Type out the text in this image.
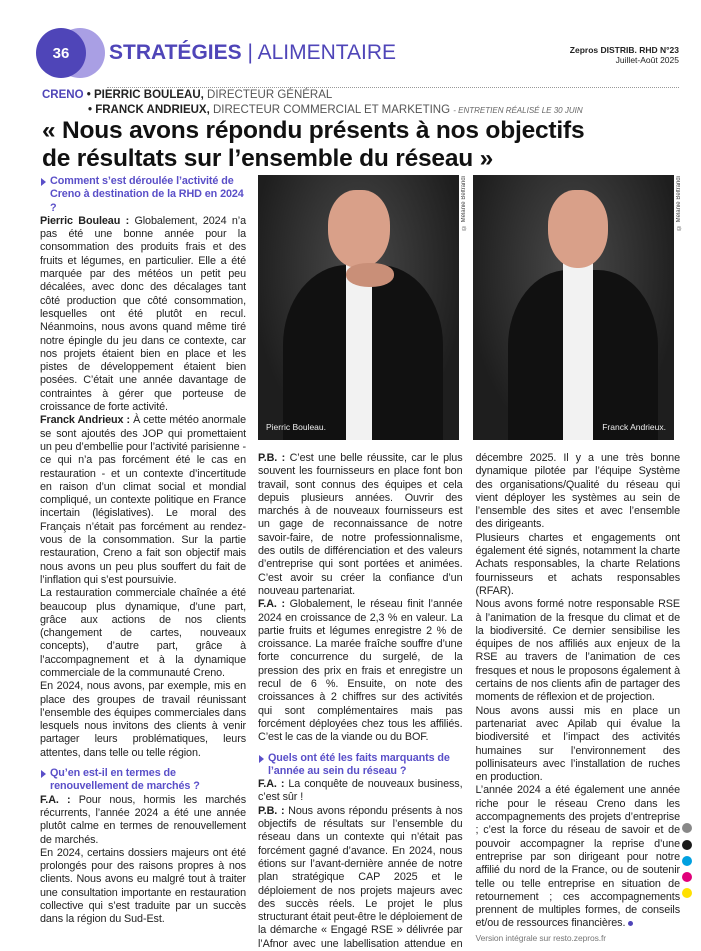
36	STRATÉGIES | ALIMENTAIRE	Zepros DISTRIB. RHD N°23
Juillet-Août 2025
CRENO • PIERRIC BOULEAU, DIRECTEUR GÉNÉRAL
• FRANCK ANDRIEUX, DIRECTEUR COMMERCIAL ET MARKETING - ENTRETIEN RÉALISÉ LE 30 JUIN
« Nous avons répondu présents à nos objectifs
de résultats sur l’ensemble du réseau »
Pierric Bouleau.
© Mélanie Beltrandi
Franck Andrieux.
© Mélanie Beltrandi

Comment s’est déroulée l’activité de Creno à destination de la RHD en 2024 ?

Pierric Bouleau : Globalement, 2024 n’a pas été une bonne année pour la consommation des produits frais et des fruits et légumes, en particulier. Elle a été marquée par des météos un petit peu décalées, avec donc des décalages tant côté production que côté consommation, lesquelles ont été plutôt en recul. Néanmoins, nous avons quand même tiré notre épingle du jeu dans ce contexte, car nos projets étaient bien en place et les pistes de développement étaient bien posées. C’était une année davantage de contraintes à gérer que porteuse de croissance de forte activité.

Franck Andrieux : À cette météo anormale se sont ajoutés des JOP qui promettaient un peu d’embellie pour l’activité parisienne - ce qui n’a pas forcément été le cas en restauration - et un contexte d’incertitude en raison d’un climat social et mondial compliqué, un contexte politique en France incertain (législatives). Le moral des Français n’était pas forcément au rendez-vous de la consommation. Sur la partie restauration, Creno a fait son objectif mais nous avons un peu plus souffert du fait de l’inflation qui s’est poursuivie.

La restauration commerciale chaînée a été beaucoup plus dynamique, d’une part, grâce aux actions de nos clients (changement de cartes, nouveaux concepts), d’autre part, grâce à l’accompagnement et à la dynamique commerciale de la communauté Creno.

En 2024, nous avons, par exemple, mis en place des groupes de travail réunissant l’ensemble des équipes commerciales dans lesquels nous invitons des clients à venir partager leurs problématiques, leurs attentes, dans telle ou telle région.

Qu’en est-il en termes de renouvellement de marchés ?

F.A. : Pour nous, hormis les marchés récurrents, l’année 2024 a été une année plutôt calme en termes de renouvellement de marchés.

En 2024, certains dossiers majeurs ont été prolongés pour des raisons propres à nos clients. Nous avons eu malgré tout à traiter une consultation importante en restauration collective qui s’est traduite par un succès dans la région du Sud-Est.

P.B. : C’est une belle réussite, car le plus souvent les fournisseurs en place font bon travail, sont connus des équipes et cela depuis plusieurs années. Ouvrir des marchés à de nouveaux fournisseurs est un gage de reconnaissance de notre savoir-faire, de notre professionnalisme, des outils de différenciation et des valeurs d’entreprise qui sont portées et animées. C’est avoir su créer la confiance d’un nouveau partenariat.

F.A. : Globalement, le réseau finit l’année 2024 en croissance de 2,3 % en valeur. La partie fruits et légumes enregistre 2 % de croissance. La marée fraîche souffre d’une forte concurrence du surgelé, de la pression des prix en frais et enregistre un recul de 6 %. Ensuite, on note des croissances à 2 chiffres sur des activités qui sont complémentaires mais pas forcément déployées chez tous les affiliés. C’est le cas de la viande ou du BOF.

Quels ont été les faits marquants de l’année au sein du réseau ?

F.A. : La conquête de nouveaux business, c’est sûr !

P.B. : Nous avons répondu présents à nos objectifs de résultats sur l’ensemble du réseau dans un contexte qui n’était pas forcément gagné d’avance. En 2024, nous étions sur l’avant-dernière année de notre plan stratégique CAP 2025 et le déploiement de nos projets majeurs avec des succès réels. Le projet le plus structurant était peut-être le déploiement de la démarche « Engagé RSE » délivrée par l’Afnor avec une labellisation attendue en décembre 2025. Il y a une très bonne dynamique pilotée par l’équipe Système des organisations/Qualité du réseau qui vient déployer les systèmes au sein de l’ensemble des sites et avec l’ensemble des dirigeants.

Plusieurs chartes et engagements ont également été signés, notamment la charte Achats responsables, la charte Relations fournisseurs et achats responsables (RFAR).

Nous avons formé notre responsable RSE à l’animation de la fresque du climat et de la biodiversité. Ce dernier sensibilise les équipes de nos affiliés aux enjeux de la RSE au travers de l’animation de ces fresques et nous le proposons également à certains de nos clients afin de partager des moments de réflexion et de projection.

Nous avons aussi mis en place un partenariat avec Apilab qui évalue la biodiversité et l’impact des activités humaines sur l’environnement des pollinisateurs avec l’installation de ruches en production.

L’année 2024 a été également une année riche pour le réseau Creno dans les accompagnements des projets d’entreprise ; c’est la force du réseau de savoir et de pouvoir accompagner la reprise d’une entreprise par son dirigeant pour notre affilié du nord de la France, ou de soutenir telle ou telle entreprise en situation de retournement ; ces accompagnements prennent de multiples formes, de conseils et/ou de ressources financières.

Version intégrale sur resto.zepros.fr
